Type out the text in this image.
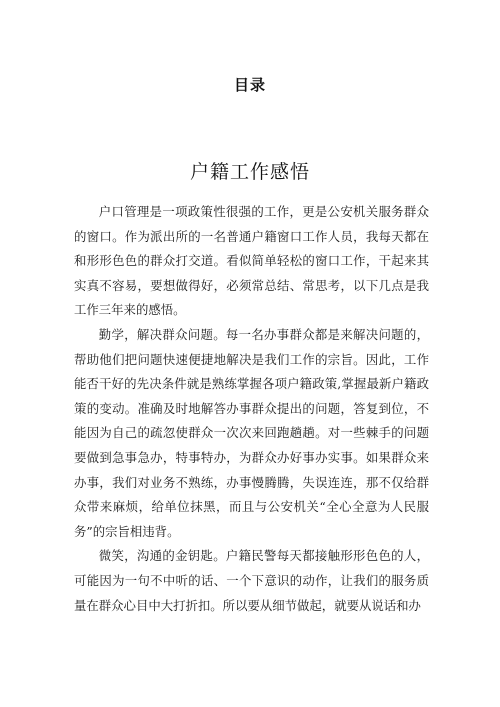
目录
户籍工作感悟

户口管理是一项政策性很强的工作，更是公安机关服务群众的窗口。作为派出所的一名普通户籍窗口工作人员，我每天都在和形形色色的群众打交道。看似简单轻松的窗口工作，干起来其实真不容易，要想做得好，必须常总结、常思考，以下几点是我工作三年来的感悟。

勤学，解决群众问题。每一名办事群众都是来解决问题的，帮助他们把问题快速便捷地解决是我们工作的宗旨。因此，工作能否干好的先决条件就是熟练掌握各项户籍政策,掌握最新户籍政策的变动。准确及时地解答办事群众提出的问题，答复到位，不能因为自己的疏忽使群众一次次来回跑趟趟。对一些棘手的问题要做到急事急办，特事特办，为群众办好事办实事。如果群众来办事，我们对业务不熟练，办事慢腾腾，失误连连，那不仅给群众带来麻烦，给单位抹黑，而且与公安机关“全心全意为人民服务”的宗旨相违背。

微笑，沟通的金钥匙。户籍民警每天都接触形形色色的人，可能因为一句不中听的话、一个下意识的动作，让我们的服务质量在群众心目中大打折扣。所以要从细节做起，就要从说话和办
